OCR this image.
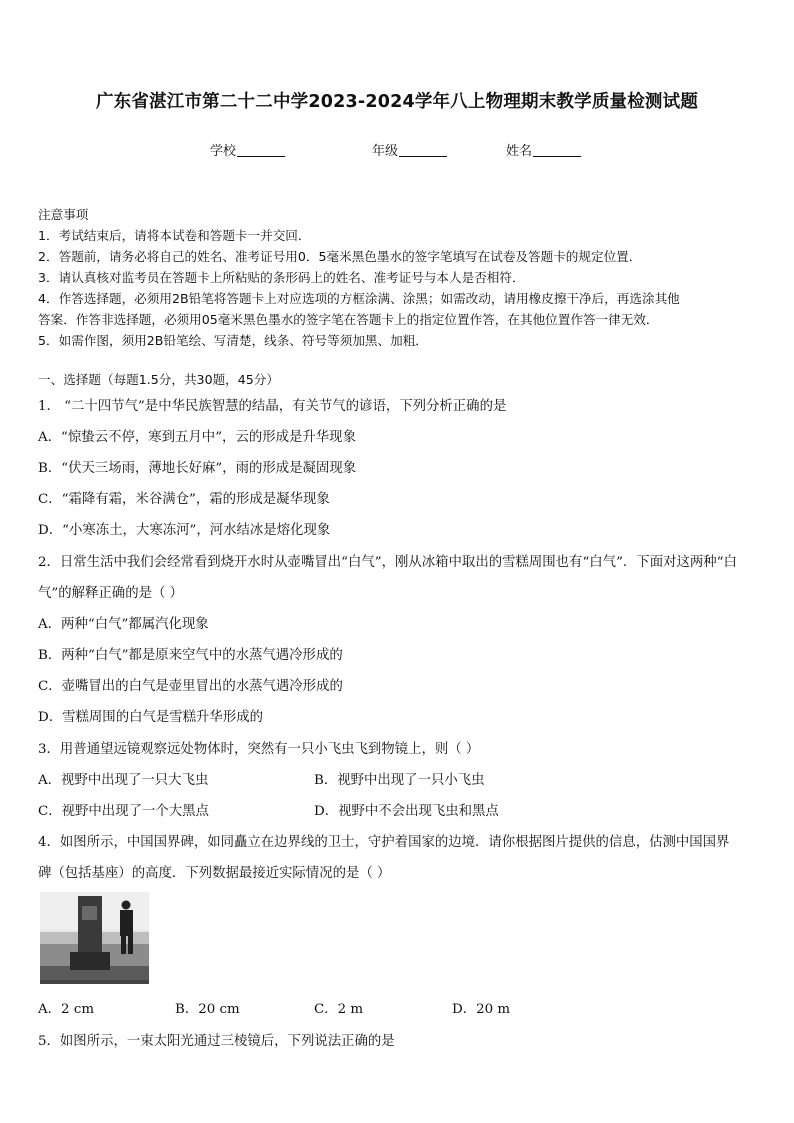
广东省湛江市第二十二中学2023-2024学年八上物理期末教学质量检测试题
学校	年级	姓名
注意事项
1．考试结束后，请将本试卷和答题卡一并交回．
2．答题前，请务必将自己的姓名、准考证号用0．5毫米黑色墨水的签字笔填写在试卷及答题卡的规定位置．
3．请认真核对监考员在答题卡上所粘贴的条形码上的姓名、准考证号与本人是否相符．
4．作答选择题，必须用2B铅笔将答题卡上对应选项的方框涂满、涂黑；如需改动，请用橡皮擦干净后，再选涂其他
答案．作答非选择题，必须用05毫米黑色墨水的签字笔在答题卡上的指定位置作答，在其他位置作答一律无效．
5．如需作图，须用2B铅笔绘、写清楚，线条、符号等须加黑、加粗．
一、选择题（每题1.5分，共30题，45分）
1． “二十四节气”是中华民族智慧的结晶，有关节气的谚语，下列分析正确的是
A．“惊蛰云不停，寒到五月中”，云的形成是升华现象
B．“伏天三场雨，薄地长好麻”，雨的形成是凝固现象
C．“霜降有霜，米谷满仓”，霜的形成是凝华现象
D．“小寒冻土，大寒冻河”，河水结冰是熔化现象
2．日常生活中我们会经常看到烧开水时从壶嘴冒出“白气”，刚从冰箱中取出的雪糕周围也有“白气”．下面对这两种“白
气”的解释正确的是（ ）
A．两种“白气”都属汽化现象
B．两种“白气”都是原来空气中的水蒸气遇冷形成的
C．壶嘴冒出的白气是壶里冒出的水蒸气遇冷形成的
D．雪糕周围的白气是雪糕升华形成的
3．用普通望远镜观察远处物体时，突然有一只小飞虫飞到物镜上，则（ ）
A．视野中出现了一只大飞虫	B．视野中出现了一只小飞虫
C．视野中出现了一个大黑点	D．视野中不会出现飞虫和黑点
4．如图所示，中国国界碑，如同矗立在边界线的卫士，守护着国家的边境．请你根据图片提供的信息，估测中国国界
碑（包括基座）的高度．下列数据最接近实际情况的是（ ）
A．2 cm	B．20 cm	C．2 m	D．20 m
5．如图所示，一束太阳光通过三棱镜后，下列说法正确的是
